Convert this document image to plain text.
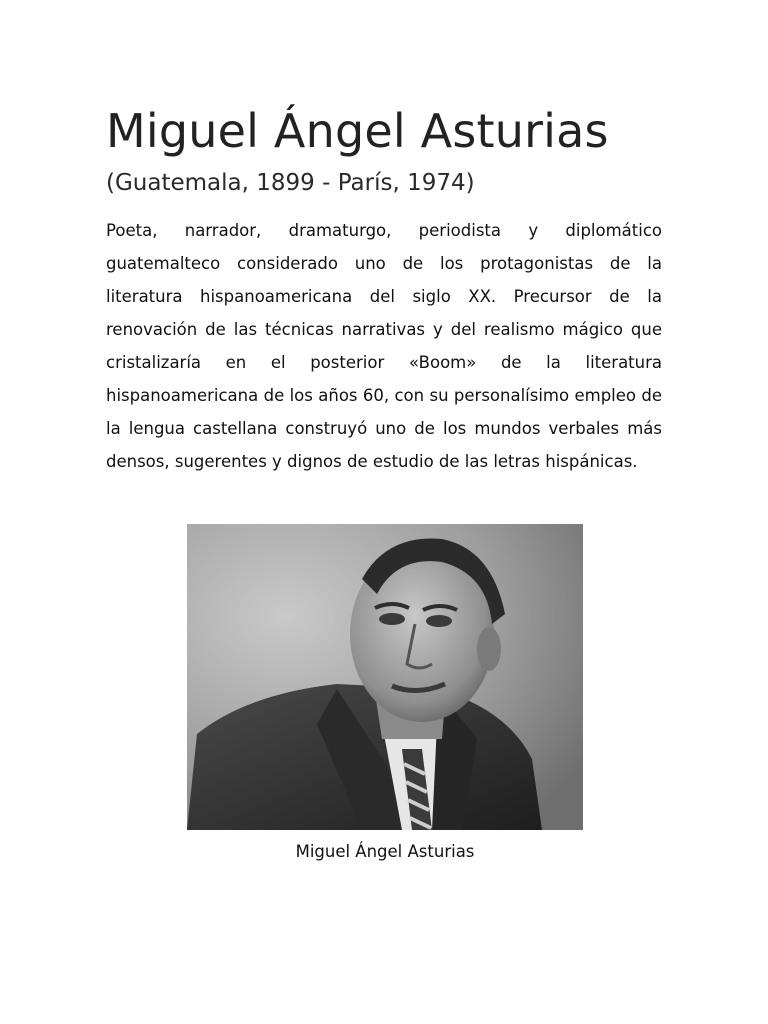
Miguel Ángel Asturias

(Guatemala, 1899 - París, 1974)

Poeta, narrador, dramaturgo, periodista y diplomático guatemalteco considerado uno de los protagonistas de la literatura hispanoamericana del siglo XX. Precursor de la renovación de las técnicas narrativas y del realismo mágico que cristalizaría en el posterior «Boom» de la literatura hispanoamericana de los años 60, con su personalísimo empleo de la lengua castellana construyó uno de los mundos verbales más densos, sugerentes y dignos de estudio de las letras hispánicas.

Miguel Ángel Asturias
